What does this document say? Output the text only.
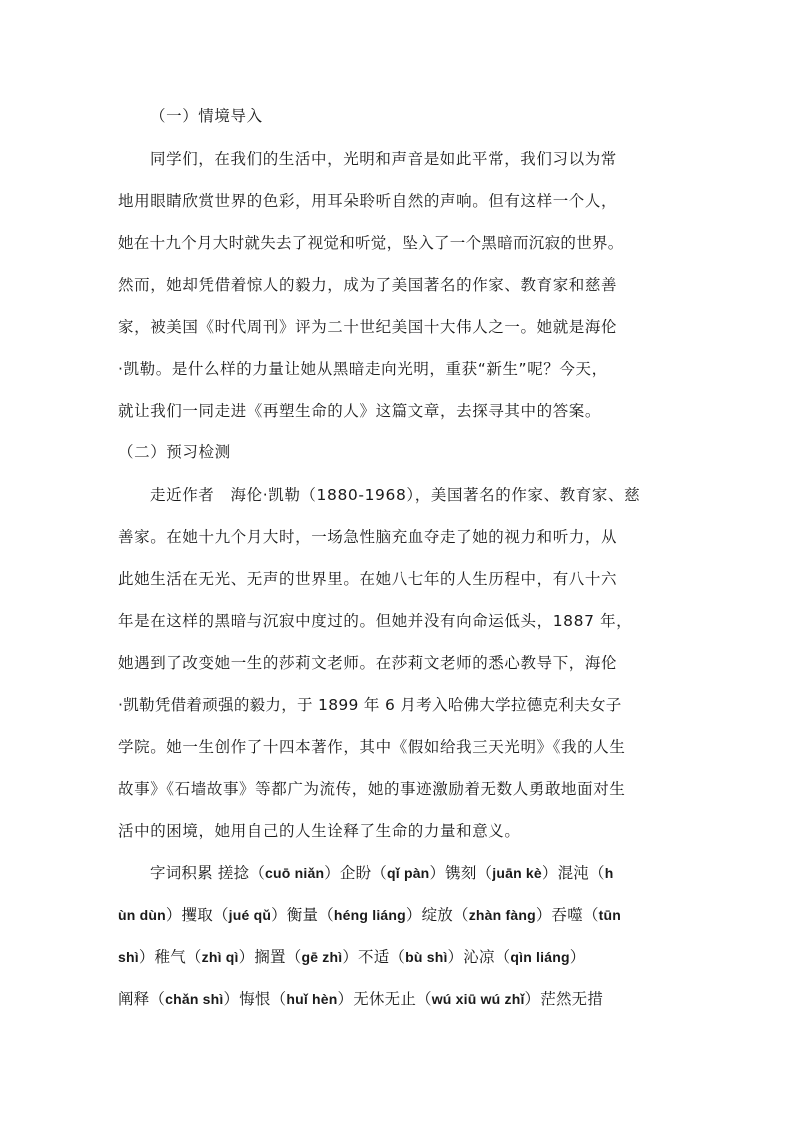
（一）情境导入
同学们，在我们的生活中，光明和声音是如此平常，我们习以为常
地用眼睛欣赏世界的色彩，用耳朵聆听自然的声响。但有这样一个人，
她在十九个月大时就失去了视觉和听觉，坠入了一个黑暗而沉寂的世界。
然而，她却凭借着惊人的毅力，成为了美国著名的作家、教育家和慈善
家，被美国《时代周刊》评为二十世纪美国十大伟人之一。她就是海伦
·凯勒。是什么样的力量让她从黑暗走向光明，重获“新生”呢？今天，
就让我们一同走进《再塑生命的人》这篇文章，去探寻其中的答案。
（二）预习检测
走近作者　海伦·凯勒（1880-1968），美国著名的作家、教育家、慈
善家。在她十九个月大时，一场急性脑充血夺走了她的视力和听力，从
此她生活在无光、无声的世界里。在她八七年的人生历程中，有八十六
年是在这样的黑暗与沉寂中度过的。但她并没有向命运低头，1887 年，
她遇到了改变她一生的莎莉文老师。在莎莉文老师的悉心教导下，海伦
·凯勒凭借着顽强的毅力，于 1899 年 6 月考入哈佛大学拉德克利夫女子
学院。她一生创作了十四本著作，其中《假如给我三天光明》《我的人生
故事》《石墙故事》等都广为流传，她的事迹激励着无数人勇敢地面对生
活中的困境，她用自己的人生诠释了生命的力量和意义。
字词积累 搓捻（cuō niǎn）企盼（qǐ pàn）镌刻（juān kè）混沌（h
ùn dùn）攫取（jué qǔ）衡量（héng liáng）绽放（zhàn fàng）吞噬（tūn
shì）稚气（zhì qì）搁置（gē zhì）不适（bù shì）沁凉（qìn liáng）
阐释（chǎn shì）悔恨（huǐ hèn）无休无止（wú xiū wú zhǐ）茫然无措
